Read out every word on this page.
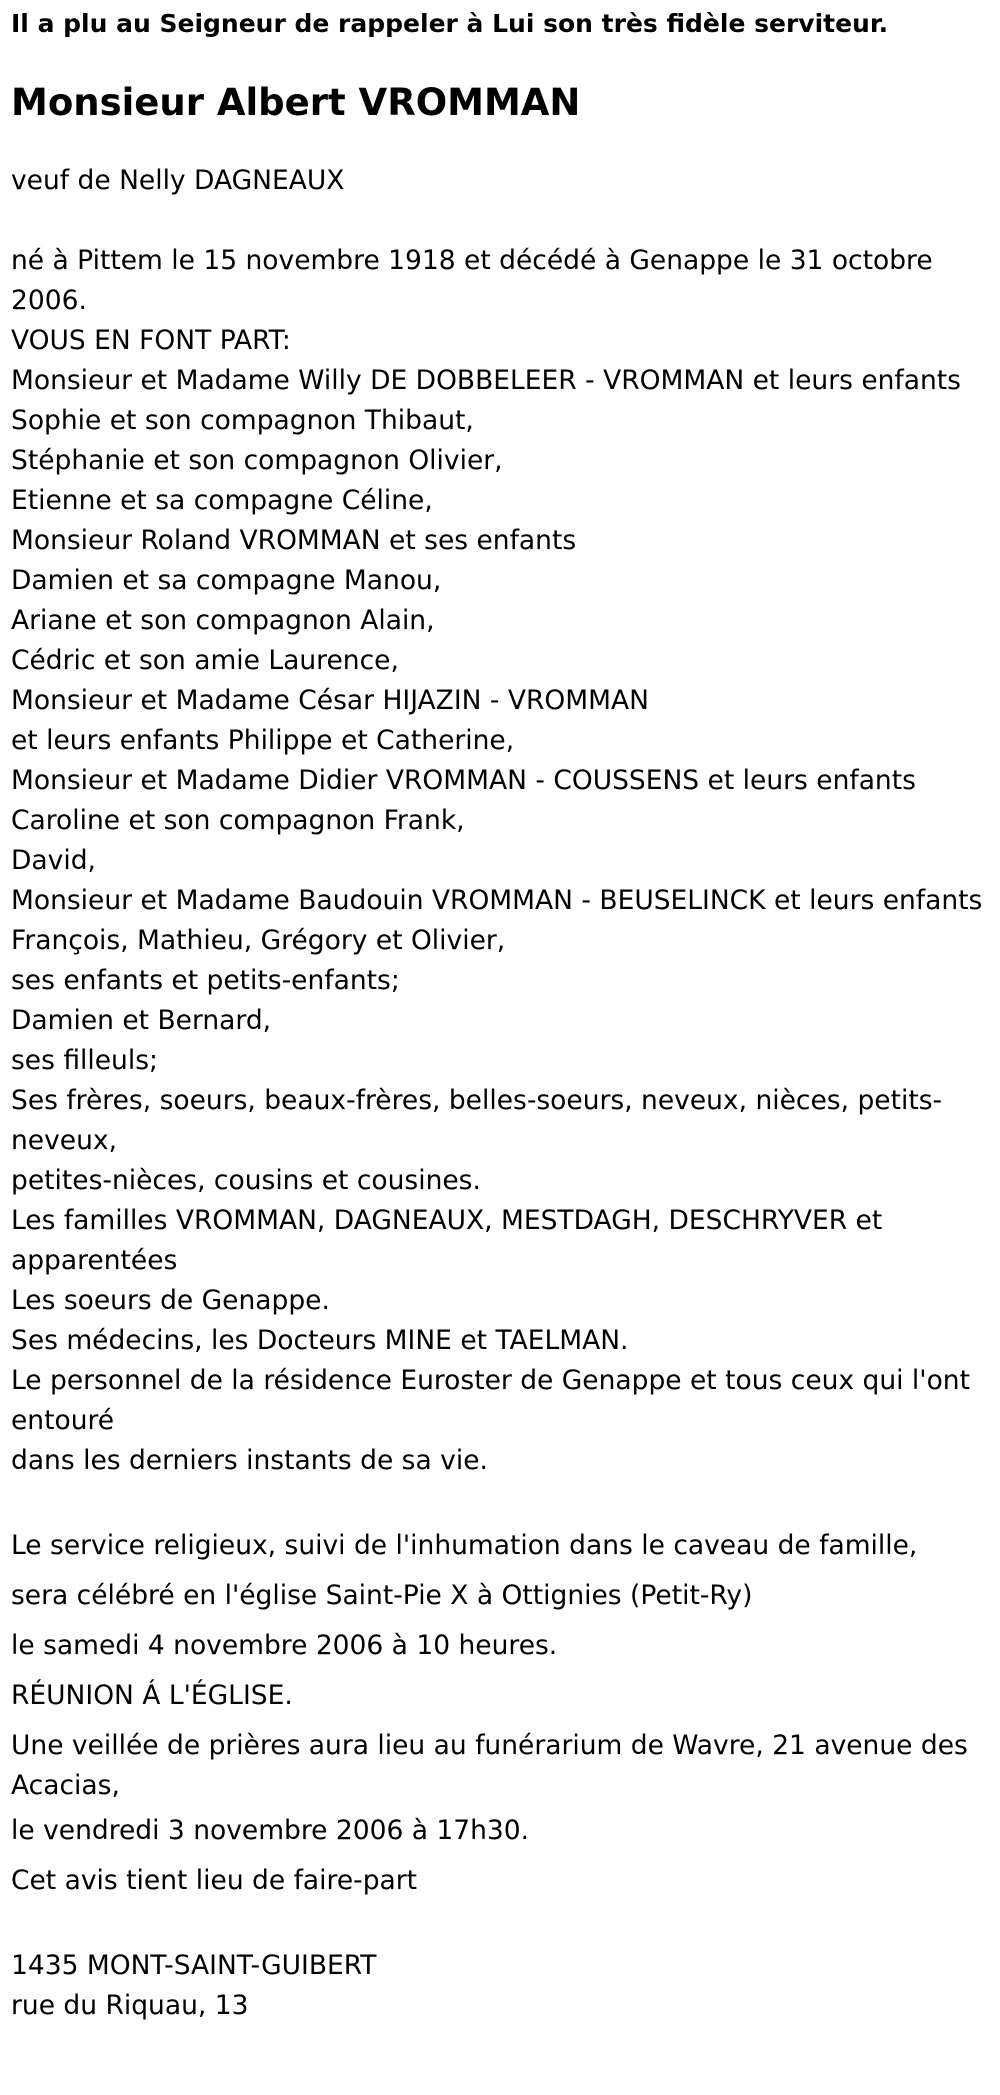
Il a plu au Seigneur de rappeler à Lui son très fidèle serviteur.
Monsieur Albert VROMMAN
veuf de Nelly DAGNEAUX
né à Pittem le 15 novembre 1918 et décédé à Genappe le 31 octobre 2006.
VOUS EN FONT PART:
Monsieur et Madame Willy DE DOBBELEER - VROMMAN et leurs enfants
Sophie et son compagnon Thibaut,
Stéphanie et son compagnon Olivier,
Etienne et sa compagne Céline,
Monsieur Roland VROMMAN et ses enfants
Damien et sa compagne Manou,
Ariane et son compagnon Alain,
Cédric et son amie Laurence,
Monsieur et Madame César HIJAZIN - VROMMAN
et leurs enfants Philippe et Catherine,
Monsieur et Madame Didier VROMMAN - COUSSENS et leurs enfants
Caroline et son compagnon Frank,
David,
Monsieur et Madame Baudouin VROMMAN - BEUSELINCK et leurs enfants
François, Mathieu, Grégory et Olivier,
ses enfants et petits-enfants;
Damien et Bernard,
ses filleuls;
Ses frères, soeurs, beaux-frères, belles-soeurs, neveux, nièces, petits-neveux,
petites-nièces, cousins et cousines.
Les familles VROMMAN, DAGNEAUX, MESTDAGH, DESCHRYVER et apparentées
Les soeurs de Genappe.
Ses médecins, les Docteurs MINE et TAELMAN.
Le personnel de la résidence Euroster de Genappe et tous ceux qui l'ont entouré
dans les derniers instants de sa vie.
Le service religieux, suivi de l'inhumation dans le caveau de famille,
sera célébré en l'église Saint-Pie X à Ottignies (Petit-Ry)
le samedi 4 novembre 2006 à 10 heures.
RÉUNION Á L'ÉGLISE.
Une veillée de prières aura lieu au funérarium de Wavre, 21 avenue des Acacias,
le vendredi 3 novembre 2006 à 17h30.
Cet avis tient lieu de faire-part
1435 MONT-SAINT-GUIBERT
rue du Riquau, 13
